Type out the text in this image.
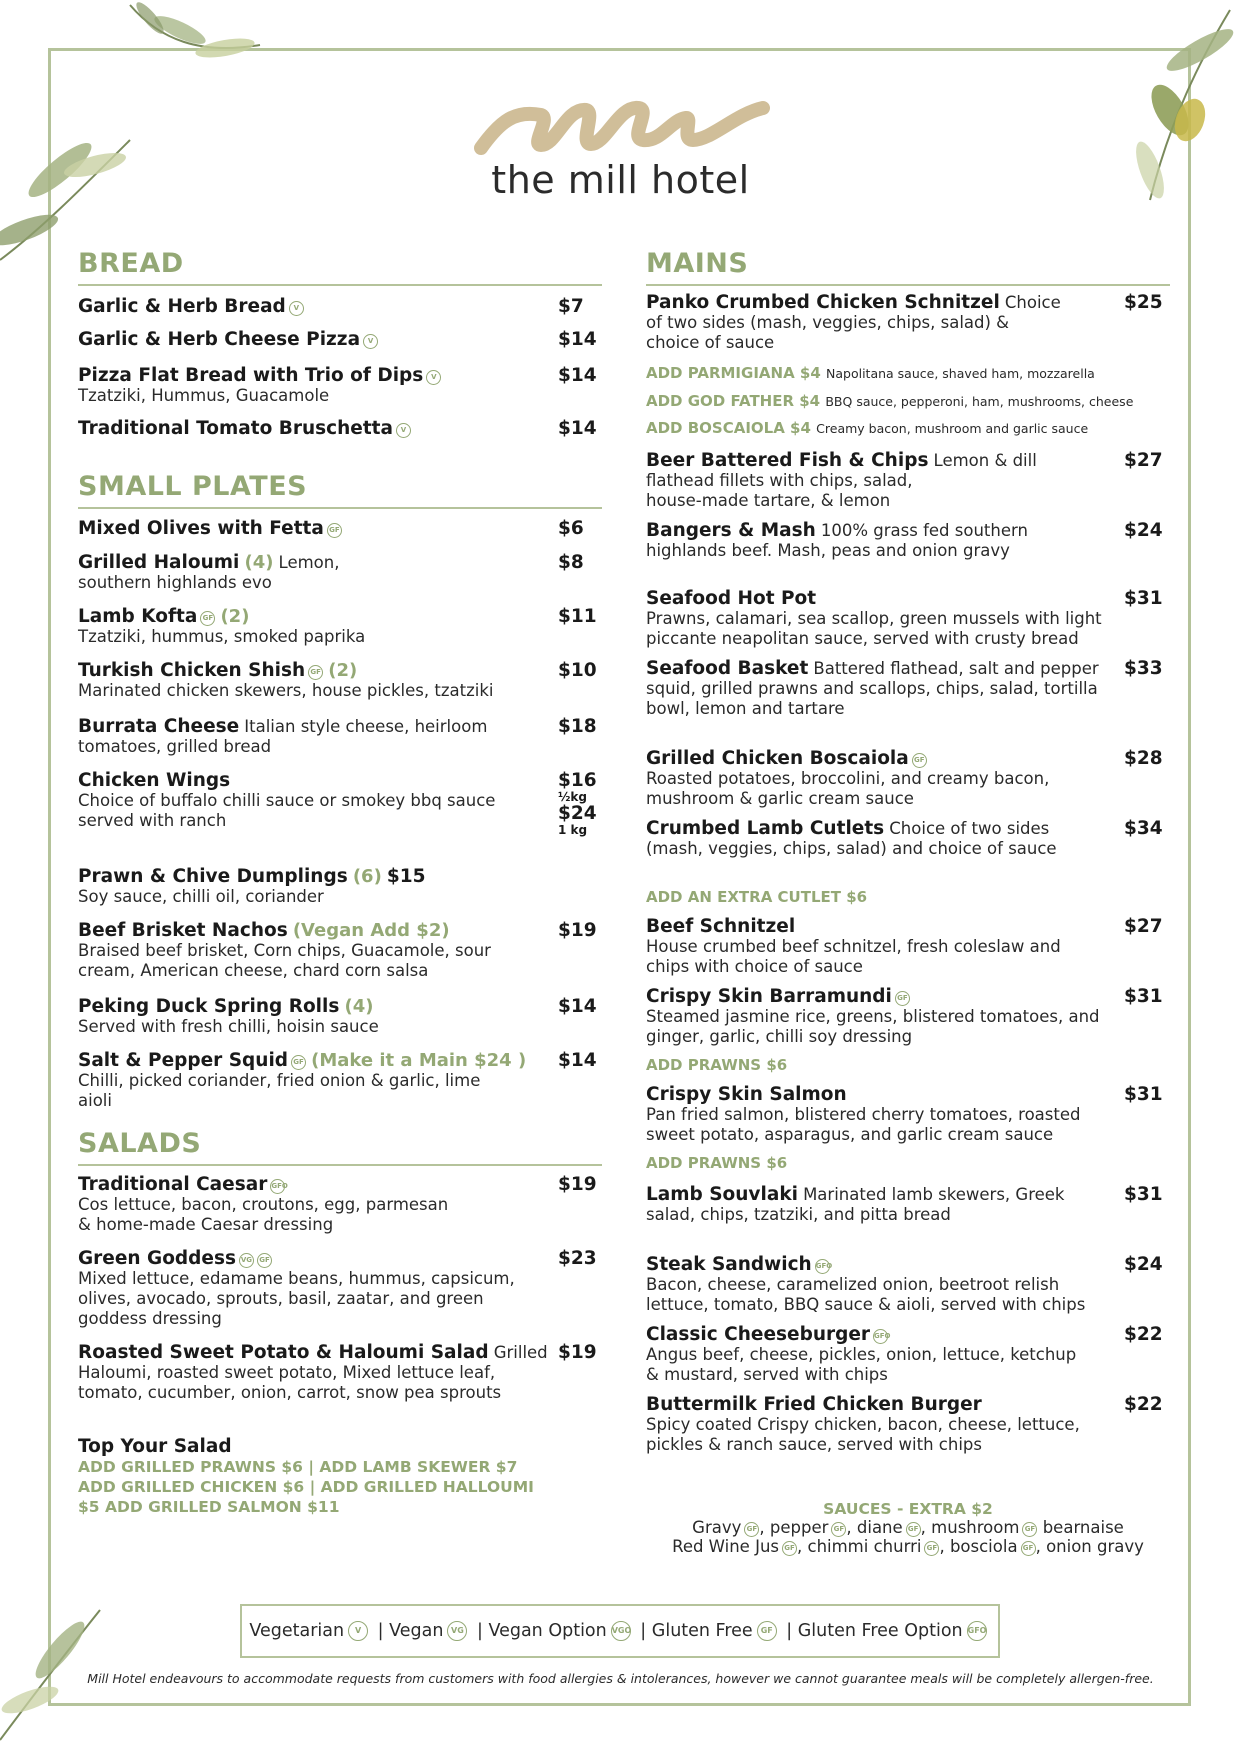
the mill hotel
BREAD
Garlic & Herb Bread V	$7
Garlic & Herb Cheese Pizza V	$14
Pizza Flat Bread with Trio of Dips V
Tzatziki, Hummus, Guacamole
$14
Traditional Tomato Bruschetta V	$14
SMALL PLATES
Mixed Olives with Fetta GF	$6
Grilled Haloumi (4) Lemon,
southern highlands evo
$8
Lamb Kofta GF (2)
Tzatziki, hummus, smoked paprika
$11
Turkish Chicken Shish GF (2)
Marinated chicken skewers, house pickles, tzatziki
$10
Burrata Cheese Italian style cheese, heirloom
tomatoes, grilled bread
$18
Chicken Wings
Choice of buffalo chilli sauce or smokey bbq sauce served with ranch
$16
½kg
$24
1 kg
Prawn & Chive Dumplings (6) $15
Soy sauce, chilli oil, coriander
Beef Brisket Nachos (Vegan Add $2)
Braised beef brisket, Corn chips, Guacamole, sour cream, American cheese, chard corn salsa
$19
Peking Duck Spring Rolls (4)
Served with fresh chilli, hoisin sauce
$14
Salt & Pepper Squid GF (Make it a Main $24 )
Chilli, picked coriander, fried onion & garlic, lime aioli
$14
SALADS
Traditional Caesar GFO
Cos lettuce, bacon, croutons, egg, parmesan & home-made Caesar dressing
$19
Green Goddess VG GF
Mixed lettuce, edamame beans, hummus, capsicum, olives, avocado, sprouts, basil, zaatar, and green goddess dressing
$23
Roasted Sweet Potato & Haloumi Salad Grilled
Haloumi, roasted sweet potato, Mixed lettuce leaf, tomato, cucumber, onion, carrot, snow pea sprouts
$19
Top Your Salad
ADD GRILLED PRAWNS $6 | ADD LAMB SKEWER $7 ADD GRILLED CHICKEN $6 | ADD GRILLED HALLOUMI $5 ADD GRILLED SALMON $11
MAINS
Panko Crumbed Chicken Schnitzel Choice
of two sides (mash, veggies, chips, salad) & choice of sauce
$25
ADD PARMIGIANA $4 Napolitana sauce, shaved ham, mozzarella
ADD GOD FATHER $4 BBQ sauce, pepperoni, ham, mushrooms, cheese
ADD BOSCAIOLA $4 Creamy bacon, mushroom and garlic sauce
Beer Battered Fish & Chips Lemon & dill
flathead fillets with chips, salad, house-made tartare, & lemon
$27
Bangers & Mash 100% grass fed southern
highlands beef. Mash, peas and onion gravy
$24
Seafood Hot Pot
Prawns, calamari, sea scallop, green mussels with light piccante neapolitan sauce, served with crusty bread
$31
Seafood Basket Battered flathead, salt and pepper
squid, grilled prawns and scallops, chips, salad, tortilla bowl, lemon and tartare
$33
Grilled Chicken Boscaiola GF
Roasted potatoes, broccolini, and creamy bacon, mushroom & garlic cream sauce
$28
Crumbed Lamb Cutlets Choice of two sides
(mash, veggies, chips, salad) and choice of sauce
$34
ADD AN EXTRA CUTLET $6
Beef Schnitzel
House crumbed beef schnitzel, fresh coleslaw and chips with choice of sauce
$27
Crispy Skin Barramundi GF
Steamed jasmine rice, greens, blistered tomatoes, and ginger, garlic, chilli soy dressing
$31
ADD PRAWNS $6
Crispy Skin Salmon
Pan fried salmon, blistered cherry tomatoes, roasted sweet potato, asparagus, and garlic cream sauce
$31
ADD PRAWNS $6
Lamb Souvlaki Marinated lamb skewers, Greek
salad, chips, tzatziki, and pitta bread
$31
Steak Sandwich GFO
Bacon, cheese, caramelized onion, beetroot relish lettuce, tomato, BBQ sauce & aioli, served with chips
$24
Classic Cheeseburger GFO
Angus beef, cheese, pickles, onion, lettuce, ketchup & mustard, served with chips
$22
Buttermilk Fried Chicken Burger
Spicy coated Crispy chicken, bacon, cheese, lettuce, pickles & ranch sauce, served with chips
$22
SAUCES - EXTRA $2
Gravy GF , pepper GF , diane GF , mushroom GF bearnaise
Red Wine Jus GF , chimmi churri GF , bosciola GF , onion gravy
Vegetarian	V | Vegan VG | Vegan Option VGO | Gluten Free GF | Gluten Free Option GFO
Mill Hotel endeavours to accommodate requests from customers with food allergies & intolerances, however we cannot guarantee meals will be completely allergen-free.
